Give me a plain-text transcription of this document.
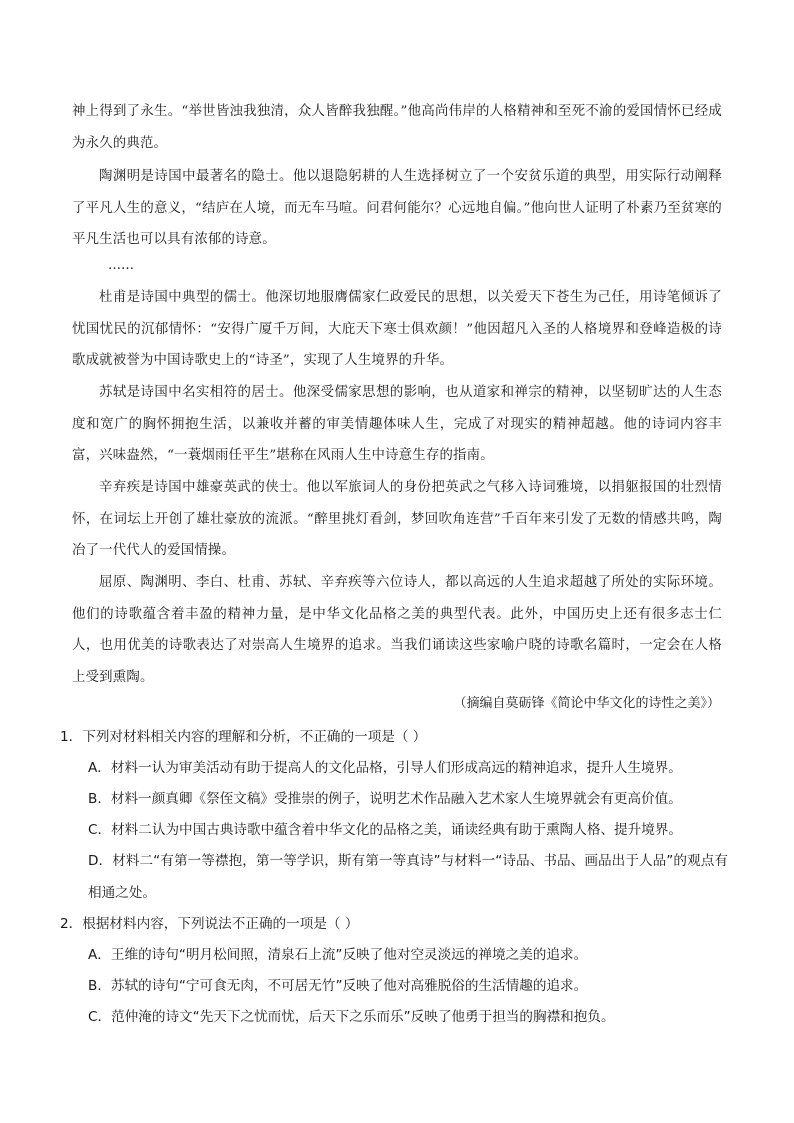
神上得到了永生。“举世皆浊我独清，众人皆醉我独醒。”他高尚伟岸的人格精神和至死不渝的爱国情怀已经成为永久的典范。

陶渊明是诗国中最著名的隐士。他以退隐躬耕的人生选择树立了一个安贫乐道的典型，用实际行动阐释了平凡人生的意义，“结庐在人境，而无车马喧。问君何能尔？心远地自偏。”他向世人证明了朴素乃至贫寒的平凡生活也可以具有浓郁的诗意。

……

杜甫是诗国中典型的儒士。他深切地服膺儒家仁政爱民的思想，以关爱天下苍生为己任，用诗笔倾诉了忧国忧民的沉郁情怀：“安得广厦千万间，大庇天下寒士俱欢颜！”他因超凡入圣的人格境界和登峰造极的诗歌成就被誉为中国诗歌史上的“诗圣”，实现了人生境界的升华。

苏轼是诗国中名实相符的居士。他深受儒家思想的影响，也从道家和禅宗的精神，以坚韧旷达的人生态度和宽广的胸怀拥抱生活，以兼收并蓄的审美情趣体味人生，完成了对现实的精神超越。他的诗词内容丰富，兴味盎然，“一蓑烟雨任平生”堪称在风雨人生中诗意生存的指南。

辛弃疾是诗国中雄豪英武的侠士。他以军旅词人的身份把英武之气移入诗词雅境，以捐躯报国的壮烈情怀，在词坛上开创了雄壮豪放的流派。“醉里挑灯看剑，梦回吹角连营”千百年来引发了无数的情感共鸣，陶冶了一代代人的爱国情操。

屈原、陶渊明、李白、杜甫、苏轼、辛弃疾等六位诗人，都以高远的人生追求超越了所处的实际环境。他们的诗歌蕴含着丰盈的精神力量，是中华文化品格之美的典型代表。此外，中国历史上还有很多志士仁人，也用优美的诗歌表达了对崇高人生境界的追求。当我们诵读这些家喻户晓的诗歌名篇时，一定会在人格上受到熏陶。

（摘编自莫砺锋《简论中华文化的诗性之美》）

1．下列对材料相关内容的理解和分析，不正确的一项是（ ）

A．材料一认为审美活动有助于提高人的文化品格，引导人们形成高远的精神追求，提升人生境界。

B．材料一颜真卿《祭侄文稿》受推崇的例子，说明艺术作品融入艺术家人生境界就会有更高价值。

C．材料二认为中国古典诗歌中蕴含着中华文化的品格之美，诵读经典有助于熏陶人格、提升境界。

D．材料二“有第一等襟抱，第一等学识，斯有第一等真诗”与材料一“诗品、书品、画品出于人品”的观点有相通之处。

2．根据材料内容，下列说法不正确的一项是（ ）

A．王维的诗句“明月松间照，清泉石上流”反映了他对空灵淡远的禅境之美的追求。

B．苏轼的诗句“宁可食无肉，不可居无竹”反映了他对高雅脱俗的生活情趣的追求。

C．范仲淹的诗文“先天下之忧而忧，后天下之乐而乐”反映了他勇于担当的胸襟和抱负。
